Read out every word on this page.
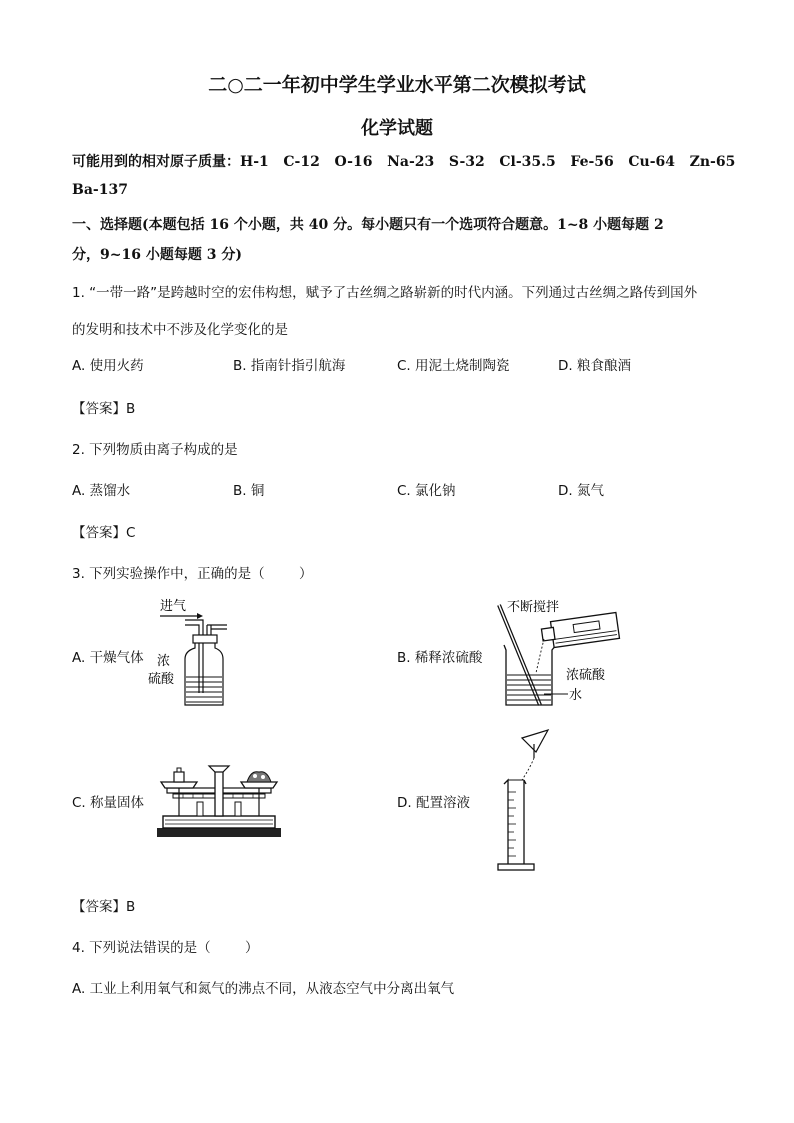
二○二一年初中学生学业水平第二次模拟考试
化学试题
可能用到的相对原子质量：H-1   C-12   O-16   Na-23   S-32   Cl-35.5   Fe-56   Cu-64   Zn-65
Ba-137
一、选择题(本题包括 16 个小题，共 40 分。每小题只有一个选项符合题意。1~8 小题每题 2
分，9~16 小题每题 3 分)
1. “一带一路”是跨越时空的宏伟构想，赋予了古丝绸之路崭新的时代内涵。下列通过古丝绸之路传到国外
的发明和技术中不涉及化学变化的是
A. 使用火药	B. 指南针指引航海	C. 用泥土烧制陶瓷	D. 粮食酿酒
【答案】B
2. 下列物质由离子构成的是
A. 蒸馏水	B. 铜	C. 氯化钠	D. 氮气
【答案】C
3. 下列实验操作中，正确的是（        ）
A. 干燥气体	B. 稀释浓硫酸
C. 称量固体	D. 配置溶液
进气
浓
硫酸
不断搅拌
浓硫酸
水
【答案】B
4. 下列说法错误的是（        ）
A. 工业上利用氧气和氮气的沸点不同，从液态空气中分离出氧气
